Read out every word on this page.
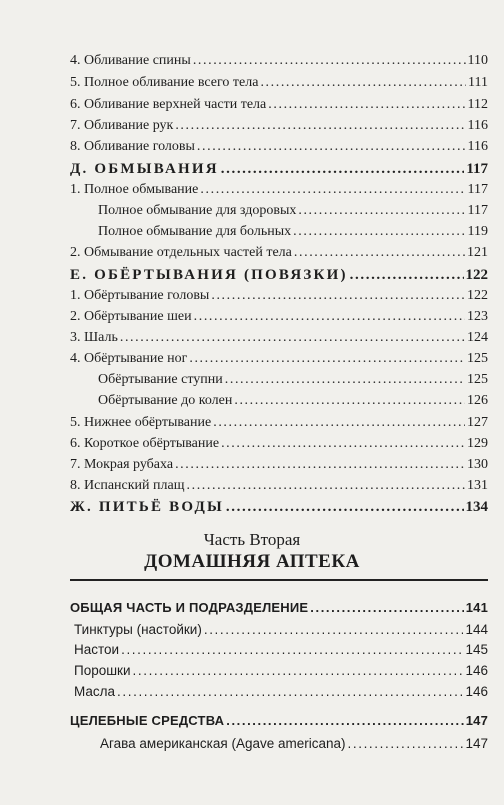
4. Обливание спины .....	110
5. Полное обливание всего тела .....	111
6. Обливание верхней части тела .....	112
7. Обливание рук .....	116
8. Обливание головы .....	116
Д. ОБМЫВАНИЯ .....	117
1. Полное обмывание .....	117
Полное обмывание для здоровых .....	117
Полное обмывание для больных .....	119
2. Обмывание отдельных частей тела .....	121
Е. ОБЁРТЫВАНИЯ (ПОВЯЗКИ) .....	122
1. Обёртывание головы .....	122
2. Обёртывание шеи .....	123
3. Шаль .....	124
4. Обёртывание ног .....	125
Обёртывание ступни .....	125
Обёртывание до колен .....	126
5. Нижнее обёртывание .....	127
6. Короткое обёртывание .....	129
7. Мокрая рубаха .....	130
8. Испанский плащ .....	131
Ж. ПИТЬЁ ВОДЫ .....	134
Часть Вторая
ДОМАШНЯЯ АПТЕКА
ОБЩАЯ ЧАСТЬ И ПОДРАЗДЕЛЕНИЕ .....	141
Тинктуры (настойки) .....	144
Настои .....	145
Порошки .....	146
Масла .....	146
ЦЕЛЕБНЫЕ СРЕДСТВА .....	147
Агава американская (Agave americana) .....	147
